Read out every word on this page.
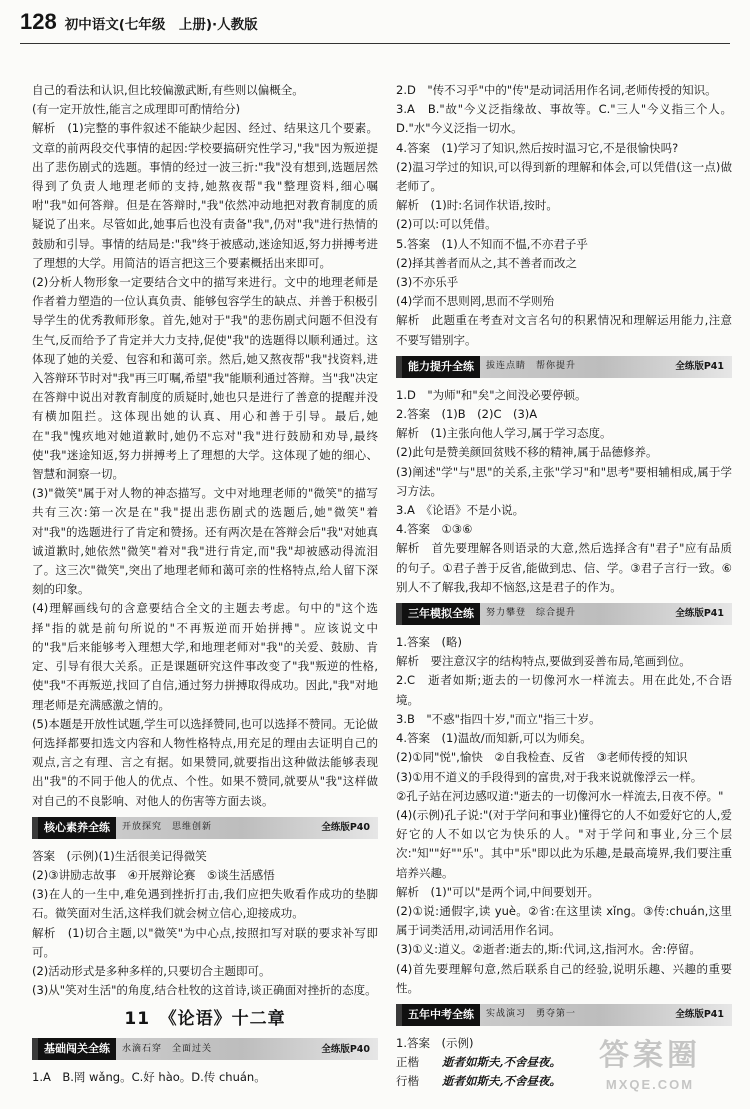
128 初中语文(七年级　上册)·人教版

自己的看法和认识,但比较偏激武断,有些则以偏概全。

(有一定开放性,能言之成理即可酌情给分)

解析　(1)完整的事件叙述不能缺少起因、经过、结果这几个要素。文章的前两段交代事情的起因:学校要搞研究性学习,"我"因为叛逆提出了悲伤剧式的选题。事情的经过一波三折:"我"没有想到,选题居然得到了负责人地理老师的支持,她熬夜帮"我"整理资料,细心嘱咐"我"如何答辩。但是在答辩时,"我"依然冲动地把对教育制度的质疑说了出来。尽管如此,她事后也没有责备"我",仍对"我"进行热情的鼓励和引导。事情的结局是:"我"终于被感动,迷途知返,努力拼搏考进了理想的大学。用简洁的语言把这三个要素概括出来即可。

(2)分析人物形象一定要结合文中的描写来进行。文中的地理老师是作者着力塑造的一位认真负责、能够包容学生的缺点、并善于积极引导学生的优秀教师形象。首先,她对于"我"的悲伤剧式问题不但没有生气,反而给予了肯定并大力支持,促使"我"的选题得以顺利通过。这体现了她的关爱、包容和和蔼可亲。然后,她又熬夜帮"我"找资料,进入答辩环节时对"我"再三叮嘱,希望"我"能顺利通过答辩。当"我"决定在答辩中说出对教育制度的质疑时,她也只是进行了善意的提醒并没有横加阻拦。这体现出她的认真、用心和善于引导。最后,她在"我"愧疚地对她道歉时,她仍不忘对"我"进行鼓励和劝导,最终使"我"迷途知返,努力拼搏考上了理想的大学。这体现了她的细心、智慧和洞察一切。

(3)"微笑"属于对人物的神态描写。文中对地理老师的"微笑"的描写共有三次:第一次是在"我"提出悲伤剧式的选题后,她"微笑"着对"我"的选题进行了肯定和赞扬。还有两次是在答辩会后"我"对她真诚道歉时,她依然"微笑"着对"我"进行肯定,而"我"却被感动得流泪了。这三次"微笑",突出了地理老师和蔼可亲的性格特点,给人留下深刻的印象。

(4)理解画线句的含意要结合全文的主题去考虑。句中的"这个选择"指的就是前句所说的"不再叛逆而开始拼搏"。应该说文中的"我"后来能够考入理想大学,和地理老师对"我"的关爱、鼓励、肯定、引导有很大关系。正是课题研究这件事改变了"我"叛逆的性格,使"我"不再叛逆,找回了自信,通过努力拼搏取得成功。因此,"我"对地理老师是充满感激之情的。

(5)本题是开放性试题,学生可以选择赞同,也可以选择不赞同。无论做何选择都要扣选文内容和人物性格特点,用充足的理由去证明自己的观点,言之有理、言之有据。如果赞同,就要指出这种做法能够表现出"我"的不同于他人的优点、个性。如果不赞同,就要从"我"这样做对自己的不良影响、对他人的伤害等方面去谈。

核心素养全练	开放探究　思维创新	全练版P40

答案　(示例)(1)生活很美记得微笑

(2)③讲励志故事　④开展辩论赛　⑤谈生活感悟

(3)在人的一生中,难免遇到挫折打击,我们应把失败看作成功的垫脚石。微笑面对生活,这样我们就会树立信心,迎接成功。

解析　(1)切合主题,以"微笑"为中心点,按照扣写对联的要求补写即可。

(2)活动形式是多种多样的,只要切合主题即可。

(3)从"笑对生活"的角度,结合杜牧的这首诗,谈正确面对挫折的态度。

11　《论语》十二章
基础闯关全练	水滴石穿　全面过关	全练版P40

1.A　B.罔 wǎng。C.好 hào。D.传 chuán。

2.D　"传不习乎"中的"传"是动词活用作名词,老师传授的知识。

3.A　B."故"今义泛指缘故、事故等。C."三人"今义指三个人。D."水"今义泛指一切水。

4.答案　(1)学习了知识,然后按时温习它,不是很愉快吗?

(2)温习学过的知识,可以得到新的理解和体会,可以凭借(这一点)做老师了。

解析　(1)时:名词作状语,按时。

(2)可以:可以凭借。

5.答案　(1)人不知而不愠,不亦君子乎

(2)择其善者而从之,其不善者而改之

(3)不亦乐乎

(4)学而不思则罔,思而不学则殆

解析　此题重在考查对文言名句的积累情况和理解运用能力,注意不要写错别字。

能力提升全练	拔连点睛　帮你提升	全练版P41

1.D　"为师"和"矣"之间没必要停顿。

2.答案　(1)B　(2)C　(3)A

解析　(1)主张向他人学习,属于学习态度。

(2)此句是赞美颜回贫贱不移的精神,属于品德修养。

(3)阐述"学"与"思"的关系,主张"学习"和"思考"要相辅相成,属于学习方法。

3.A　《论语》不是小说。

4.答案　①③⑥

解析　首先要理解各则语录的大意,然后选择含有"君子"应有品质的句子。①君子善于反省,能做到忠、信、学。③君子言行一致。⑥别人不了解我,我却不恼怒,这是君子的作为。

三年模拟全练	努力攀登　综合提升	全练版P41

1.答案　(略)

解析　要注意汉字的结构特点,要做到妥善布局,笔画到位。

2.C　逝者如斯;逝去的一切像河水一样流去。用在此处,不合语境。

3.B　"不惑"指四十岁,"而立"指三十岁。

4.答案　(1)温故/而知新,可以为师矣。

(2)①同"悦",愉快　②自我检查、反省　③老师传授的知识

(3)①用不道义的手段得到的富贵,对于我来说就像浮云一样。

②孔子站在河边感叹道:"逝去的一切像河水一样流去,日夜不停。"

(4)(示例)孔子说:"(对于学问和事业)懂得它的人不如爱好它的人,爱好它的人不如以它为快乐的人。"对于学问和事业,分三个层次:"知""好""乐"。其中"乐"即以此为乐趣,是最高境界,我们要注重培养兴趣。

解析　(1)"可以"是两个词,中间要划开。

(2)①说:通假字,读 yuè。②省:在这里读 xǐng。③传:chuán,这里属于词类活用,动词活用作名词。

(3)①义:道义。②逝者:逝去的,斯:代词,这,指河水。舍:停留。

(4)首先要理解句意,然后联系自己的经验,说明乐趣、兴趣的重要性。

五年中考全练	实战演习　勇夺第一	全练版P41

1.答案　(示例)

正楷	逝者如斯夫,不舍昼夜。
行楷	逝者如斯夫,不舍昼夜。
答案圈
MXQE.COM
